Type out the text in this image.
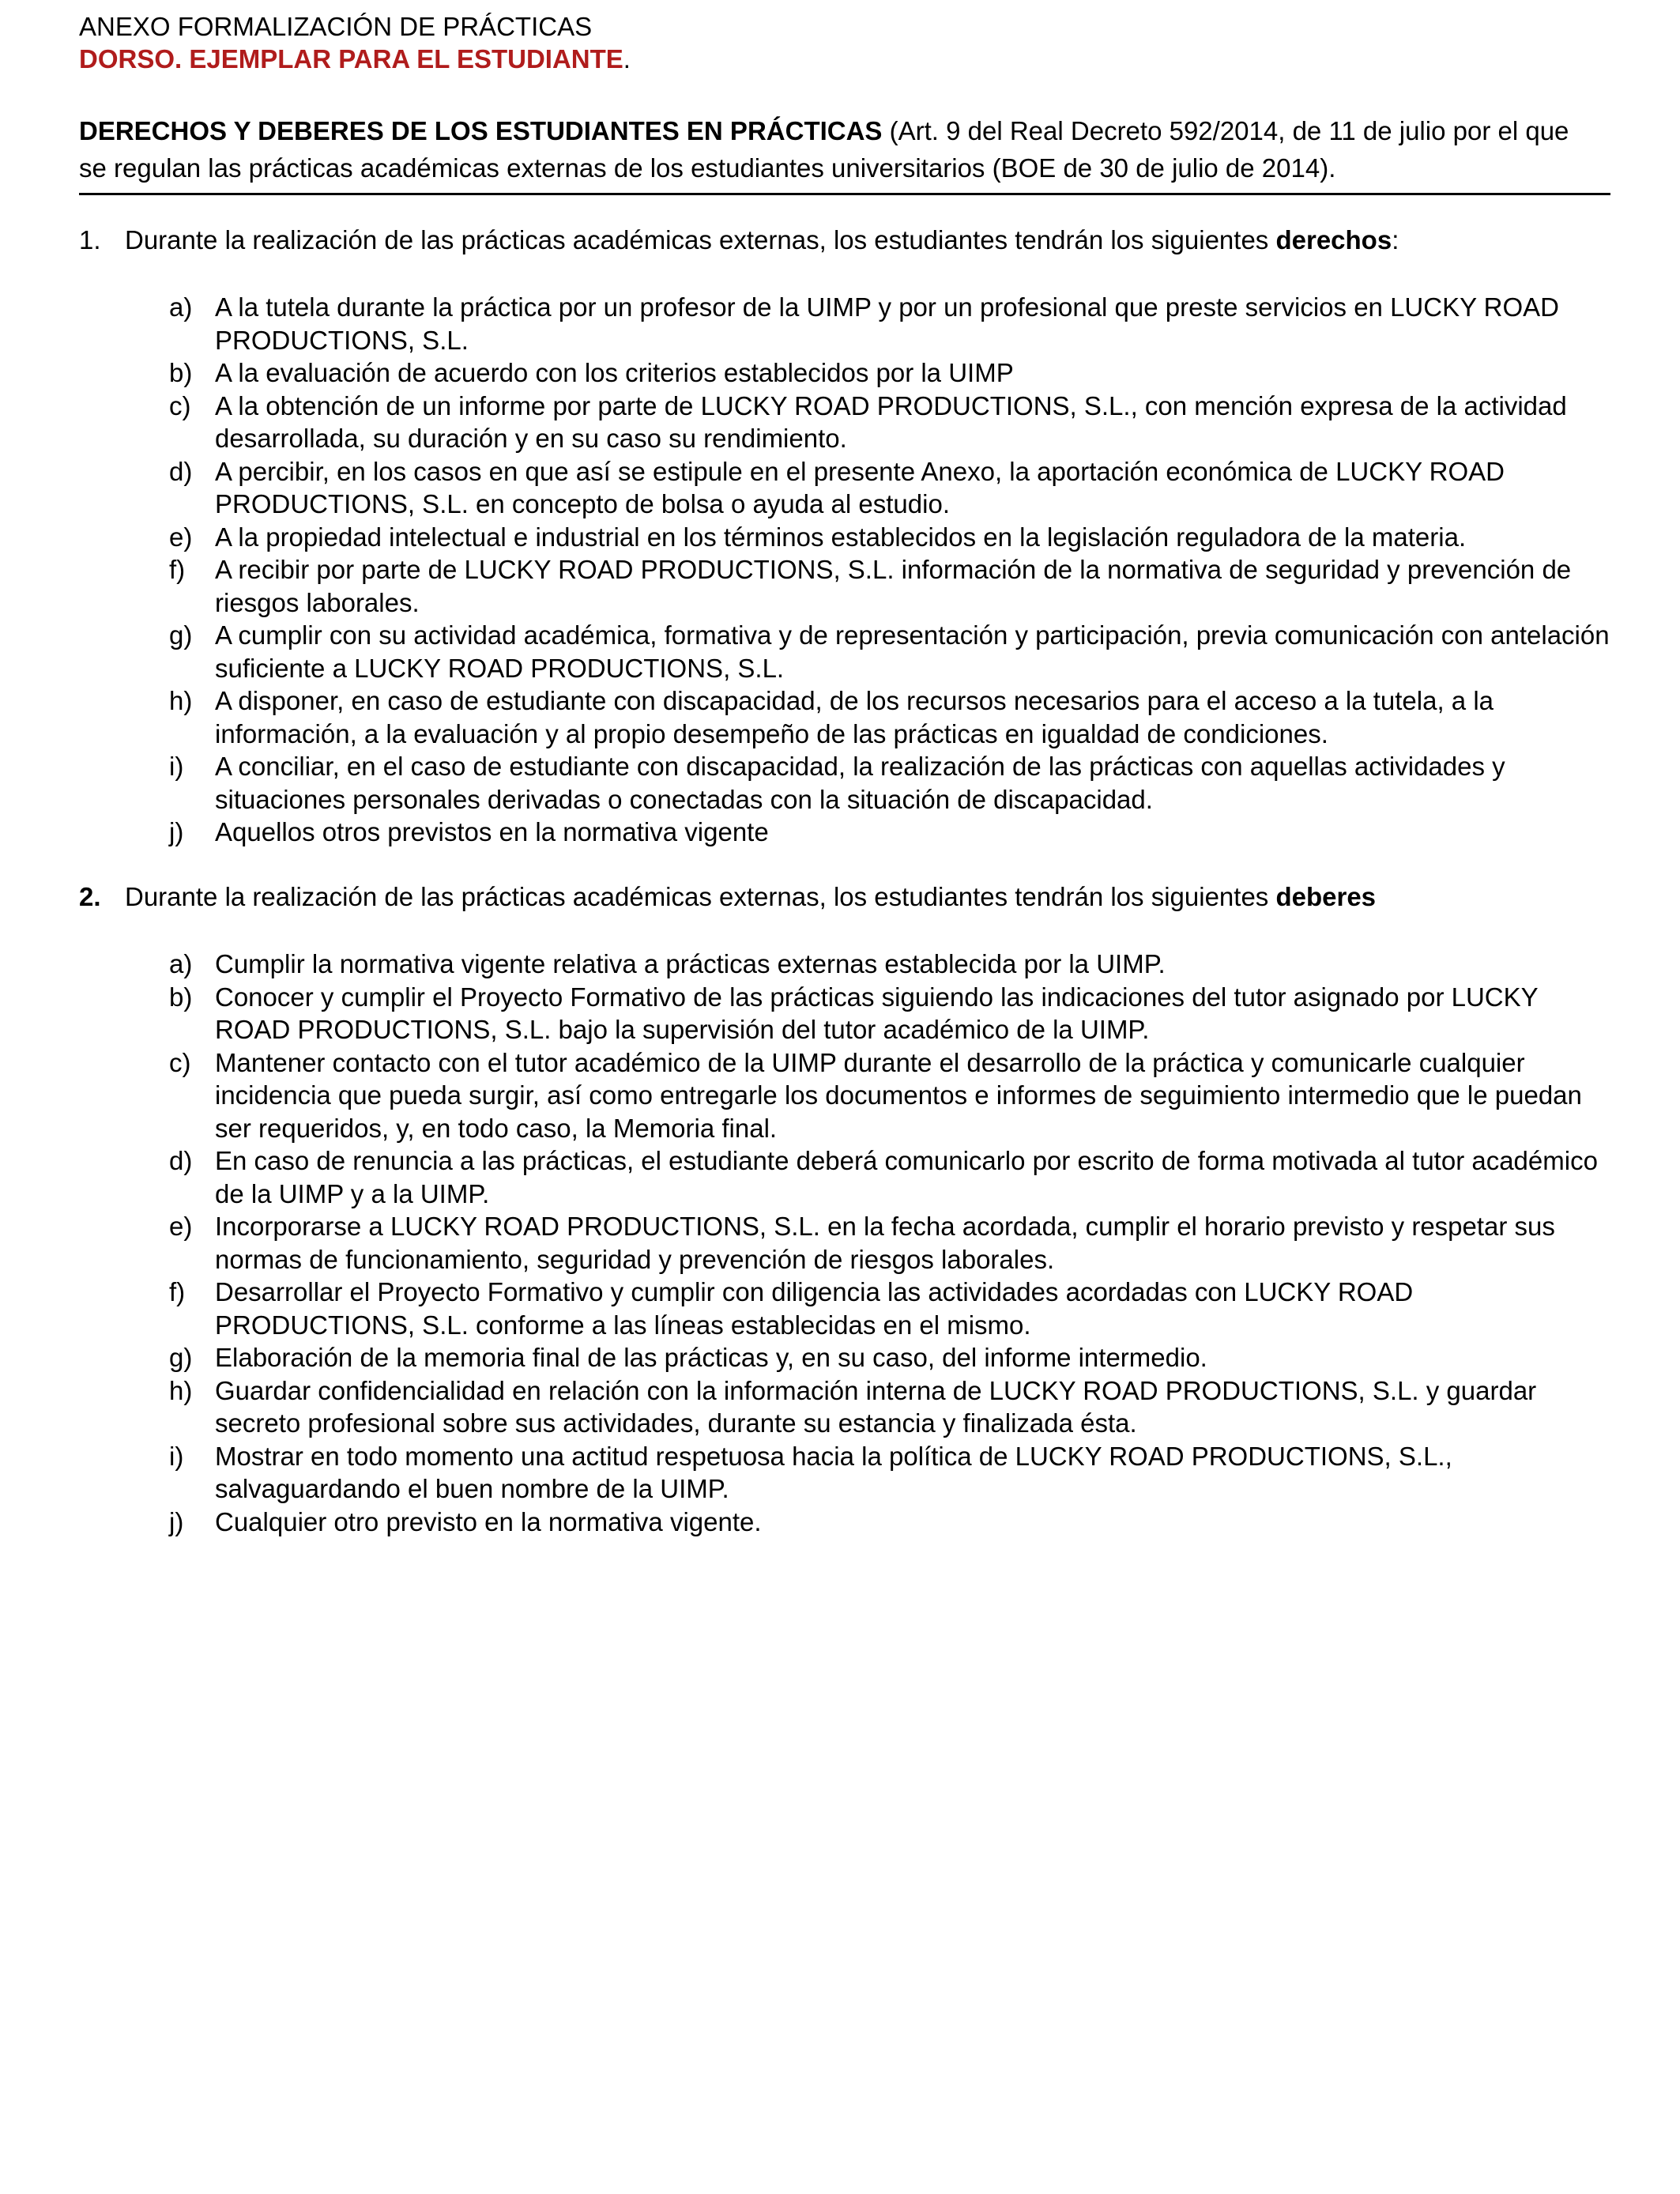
ANEXO FORMALIZACIÓN DE PRÁCTICAS
DORSO. EJEMPLAR PARA EL ESTUDIANTE.
DERECHOS Y DEBERES DE LOS ESTUDIANTES EN PRÁCTICAS (Art. 9 del Real Decreto 592/2014, de 11 de julio por el que se regulan las prácticas académicas externas de los estudiantes universitarios (BOE de 30 de julio de 2014).
1. Durante la realización de las prácticas académicas externas, los estudiantes tendrán los siguientes derechos:
a) A la tutela durante la práctica por un profesor de la UIMP y por un profesional que preste servicios en LUCKY ROAD PRODUCTIONS, S.L.
b) A la evaluación de acuerdo con los criterios establecidos por la UIMP
c) A la obtención de un informe por parte de LUCKY ROAD PRODUCTIONS, S.L., con mención expresa de la actividad desarrollada, su duración y en su caso su rendimiento.
d) A percibir, en los casos en que así se estipule en el presente Anexo, la aportación económica de LUCKY ROAD PRODUCTIONS, S.L. en concepto de bolsa o ayuda al estudio.
e) A la propiedad intelectual e industrial en los términos establecidos en la legislación reguladora de la materia.
f) A recibir por parte de LUCKY ROAD PRODUCTIONS, S.L. información de la normativa de seguridad y prevención de riesgos laborales.
g) A cumplir con su actividad académica, formativa y de representación y participación, previa comunicación con antelación suficiente a LUCKY ROAD PRODUCTIONS, S.L.
h) A disponer, en caso de estudiante con discapacidad, de los recursos necesarios para el acceso a la tutela, a la información, a la evaluación y al propio desempeño de las prácticas en igualdad de condiciones.
i) A conciliar, en el caso de estudiante con discapacidad, la realización de las prácticas con aquellas actividades y situaciones personales derivadas o conectadas con la situación de discapacidad.
j) Aquellos otros previstos en la normativa vigente
2. Durante la realización de las prácticas académicas externas, los estudiantes tendrán los siguientes deberes
a) Cumplir la normativa vigente relativa a prácticas externas establecida por la UIMP.
b) Conocer y cumplir el Proyecto Formativo de las prácticas siguiendo las indicaciones del tutor asignado por LUCKY ROAD PRODUCTIONS, S.L. bajo la supervisión del tutor académico de la UIMP.
c) Mantener contacto con el tutor académico de la UIMP durante el desarrollo de la práctica y comunicarle cualquier incidencia que pueda surgir, así como entregarle los documentos e informes de seguimiento intermedio que le puedan ser requeridos, y, en todo caso, la Memoria final.
d) En caso de renuncia a las prácticas, el estudiante deberá comunicarlo por escrito de forma motivada al tutor académico de la UIMP y a la UIMP.
e) Incorporarse a LUCKY ROAD PRODUCTIONS, S.L. en la fecha acordada, cumplir el horario previsto y respetar sus normas de funcionamiento, seguridad y prevención de riesgos laborales.
f) Desarrollar el Proyecto Formativo y cumplir con diligencia las actividades acordadas con LUCKY ROAD PRODUCTIONS, S.L. conforme a las líneas establecidas en el mismo.
g) Elaboración de la memoria final de las prácticas y, en su caso, del informe intermedio.
h) Guardar confidencialidad en relación con la información interna de LUCKY ROAD PRODUCTIONS, S.L. y guardar secreto profesional sobre sus actividades, durante su estancia y finalizada ésta.
i) Mostrar en todo momento una actitud respetuosa hacia la política de LUCKY ROAD PRODUCTIONS, S.L., salvaguardando el buen nombre de la UIMP.
j) Cualquier otro previsto en la normativa vigente.
